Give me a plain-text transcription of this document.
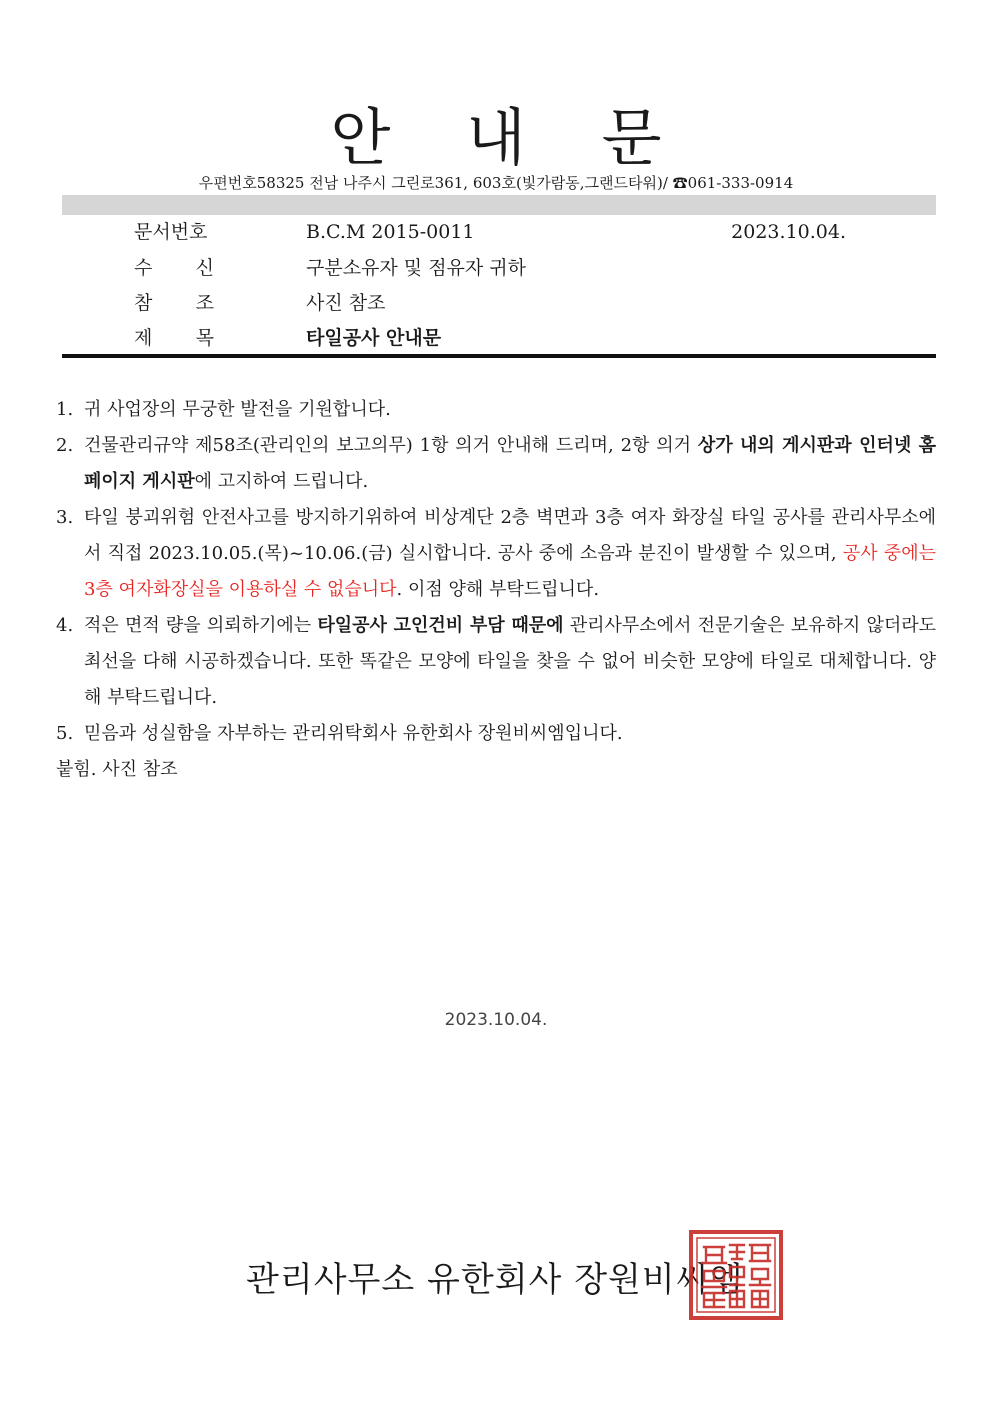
안 내 문
우편번호58325 전남 나주시 그린로361, 603호(빛가람동,그랜드타워)/ ☎061-333-0914
문서번호	B.C.M 2015-0011	2023.10.04.
수 신	구분소유자 및 점유자 귀하
참 조	사진 참조
제 목	타일공사 안내문
1. 귀 사업장의 무궁한 발전을 기원합니다.
2. 건물관리규약 제58조(관리인의 보고의무) 1항 의거 안내해 드리며, 2항 의거 상가 내의 게시판과 인터넷 홈페이지 게시판에 고지하여 드립니다.
3. 타일 붕괴위험 안전사고를 방지하기위하여 비상계단 2층 벽면과 3층 여자 화장실 타일 공사를 관리사무소에서 직접 2023.10.05.(목)~10.06.(금) 실시합니다. 공사 중에 소음과 분진이 발생할 수 있으며, 공사 중에는 3층 여자화장실을 이용하실 수 없습니다. 이점 양해 부탁드립니다.
4. 적은 면적 량을 의뢰하기에는 타일공사 고인건비 부담 때문에 관리사무소에서 전문기술은 보유하지 않더라도 최선을 다해 시공하겠습니다. 또한 똑같은 모양에 타일을 찾을 수 없어 비슷한 모양에 타일로 대체합니다. 양해 부탁드립니다.
5. 믿음과 성실함을 자부하는 관리위탁회사 유한회사 장원비씨엠입니다.
붙힘. 사진 참조
2023.10.04.
관리사무소 유한회사 장원비씨엠
